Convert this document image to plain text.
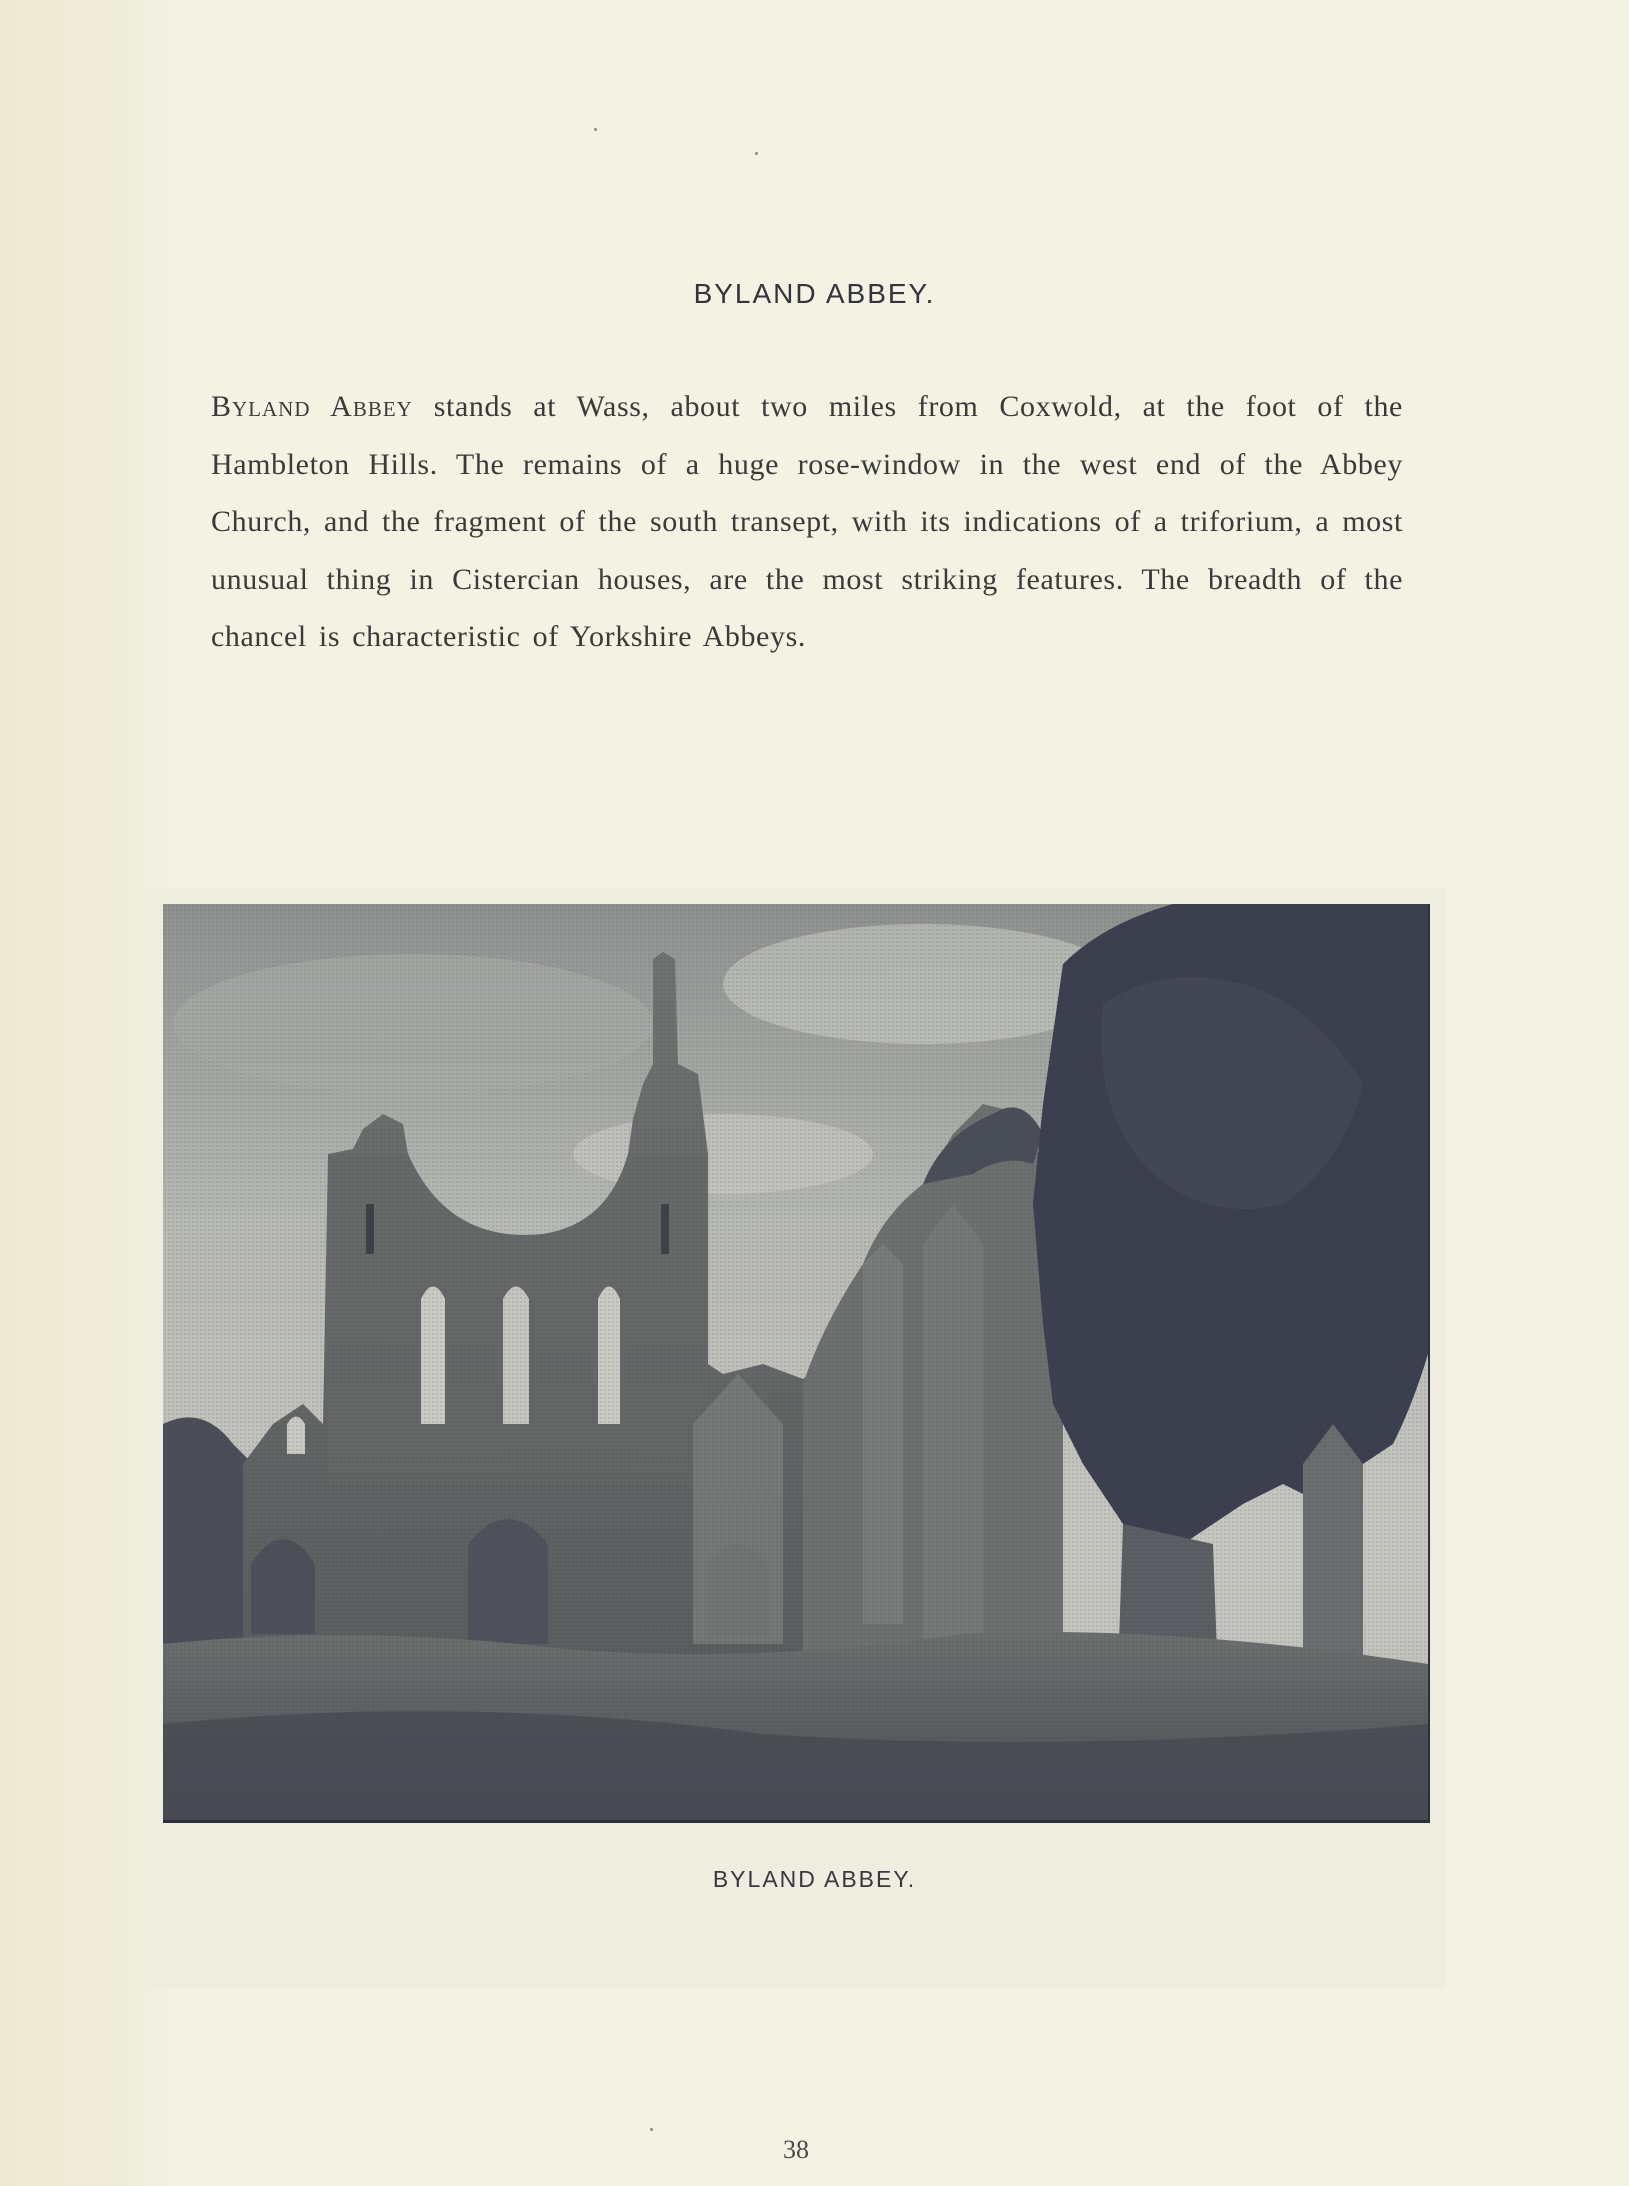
BYLAND ABBEY.

Byland Abbey stands at Wass, about two miles from Coxwold, at the foot of the Hambleton Hills. The remains of a huge rose-window in the west end of the Abbey Church, and the fragment of the south transept, with its indications of a triforium, a most unusual thing in Cistercian houses, are the most striking features. The breadth of the chancel is characteristic of Yorkshire Abbeys.

BYLAND ABBEY.
38
